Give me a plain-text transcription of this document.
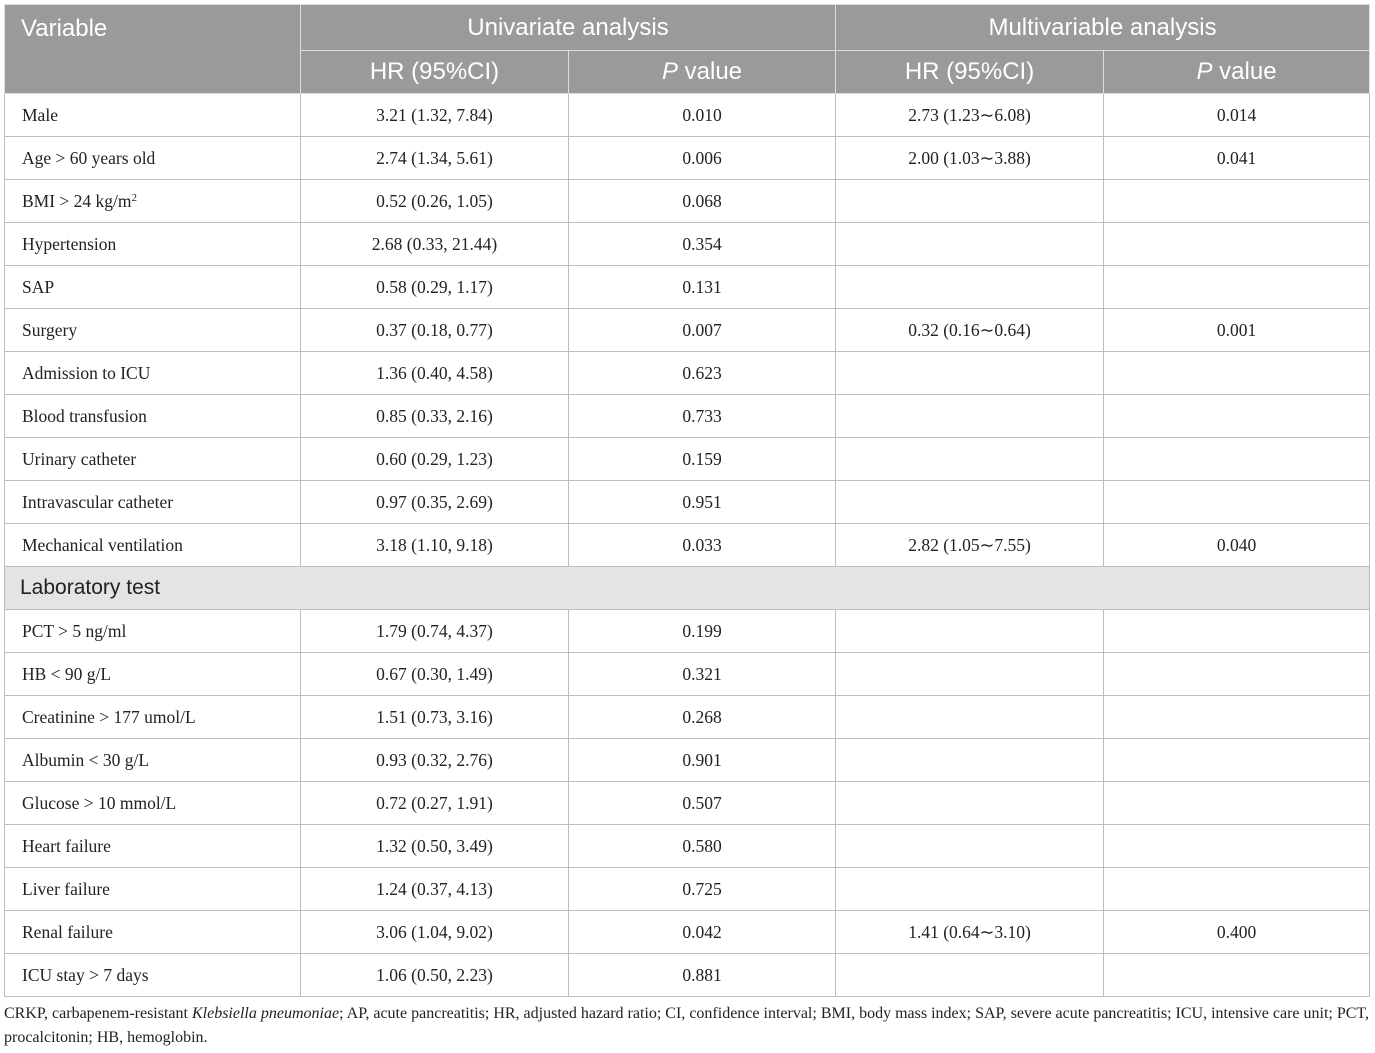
Variable	Univariate analysis		Multivariable analysis	
	HR (95%CI)	P value	HR (95%CI)	P value
Male	3.21 (1.32, 7.84)	0.010	2.73 (1.23∼6.08)	0.014
Age > 60 years old	2.74 (1.34, 5.61)	0.006	2.00 (1.03∼3.88)	0.041
BMI > 24 $kg/m^2$	0.52 (0.26, 1.05)	0.068		
Hypertension	2.68 (0.33, 21.44)	0.354		
SAP	0.58 (0.29, 1.17)	0.131		
Surgery	0.37 (0.18, 0.77)	0.007	0.32 (0.16∼0.64)	0.001
Admission to ICU	1.36 (0.40, 4.58)	0.623		
Blood transfusion	0.85 (0.33, 2.16)	0.733		
Urinary catheter	0.60 (0.29, 1.23)	0.159		
Intravascular catheter	0.97 (0.35, 2.69)	0.951		
Mechanical ventilation	3.18 (1.10, 9.18)	0.033	2.82 (1.05∼7.55)	0.040
Laboratory test				
PCT > 5 ng/ml	1.79 (0.74, 4.37)	0.199		
HB < 90 g/L	0.67 (0.30, 1.49)	0.321		
Creatinine > 177 umol/L	1.51 (0.73, 3.16)	0.268		
Albumin < 30 g/L	0.93 (0.32, 2.76)	0.901		
Glucose > 10 mmol/L	0.72 (0.27, 1.91)	0.507		
Heart failure	1.32 (0.50, 3.49)	0.580		
Liver failure	1.24 (0.37, 4.13)	0.725		
Renal failure	3.06 (1.04, 9.02)	0.042	1.41 (0.64∼3.10)	0.400
ICU stay > 7 days	1.06 (0.50, 2.23)	0.881		
CRKP, carbapenem-resistant Klebsiella pneumoniae; AP, acute pancreatitis; HR, adjusted hazard ratio; CI, confidence interval; BMI, body mass index; SAP, severe acute pancreatitis; ICU, intensive care unit; PCT, procalcitonin; HB, hemoglobin.
